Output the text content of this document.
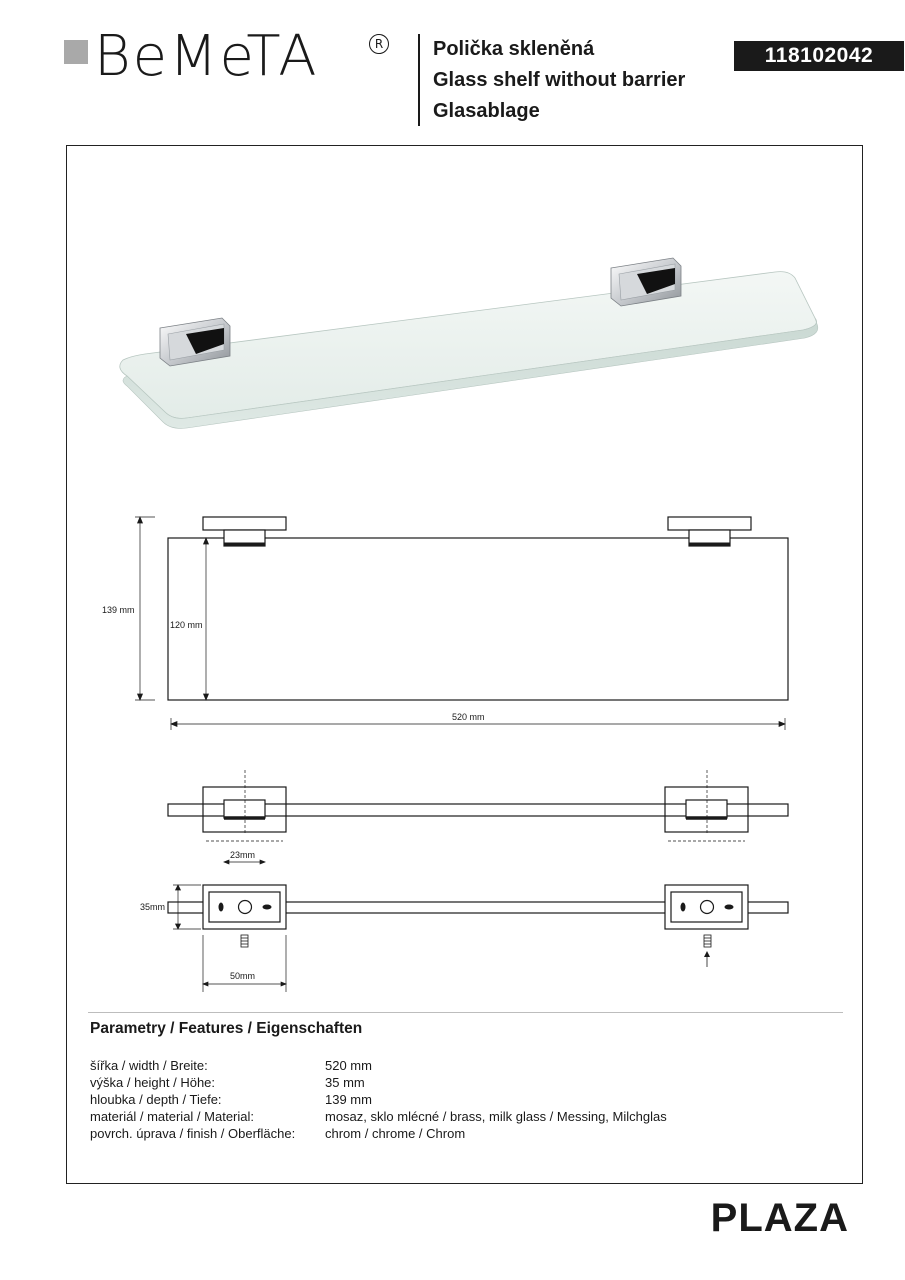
BeMeTA	R Polička skleněná
Glass shelf without barrier
Glasablage
118102042
139 mm
120 mm
520 mm
23mm
35mm
50mm
Parametry / Features / Eigenschaften
šířka / width / Breite:	520 mm
výška / height / Höhe:	35 mm
hloubka / depth / Tiefe:	139 mm
materiál / material / Material:	mosaz, sklo mlécné / brass, milk glass / Messing, Milchglas
povrch. úprava / finish / Oberfläche:	chrom / chrome / Chrom
PLAZA
